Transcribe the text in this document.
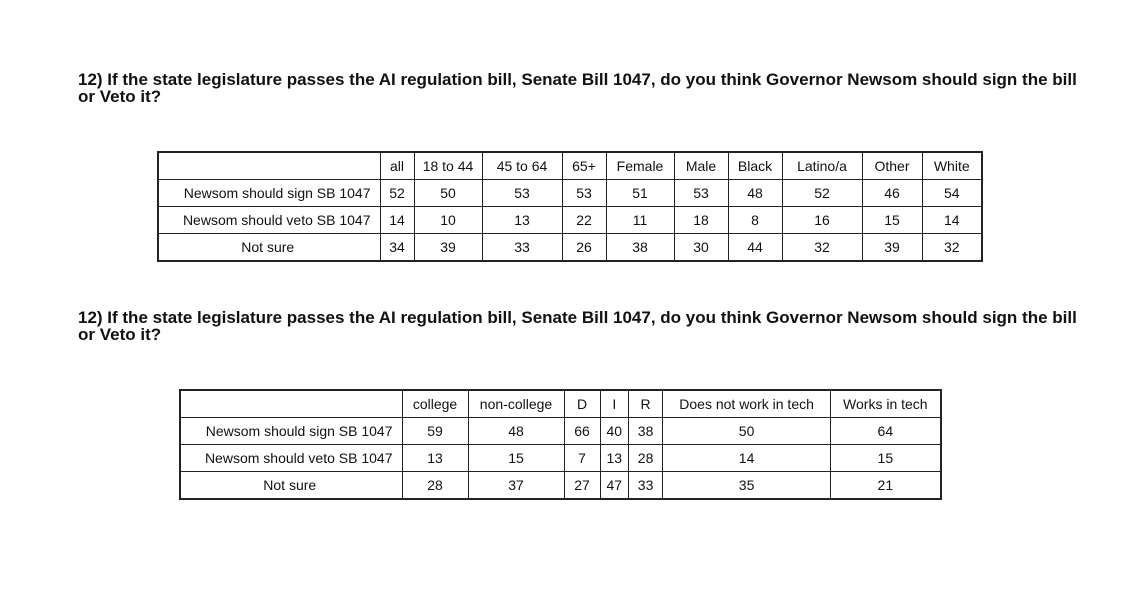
12) If the state legislature passes the AI regulation bill, Senate Bill 1047, do you think Governor Newsom should sign the bill or Veto it?

	all	18 to 44	45 to 64	65+	Female	Male	Black	Latino/a	Other	White
Newsom should sign SB 1047	52	50	53	53	51	53	48	52	46	54
Newsom should veto SB 1047	14	10	13	22	11	18	8	16	15	14
Not sure	34	39	33	26	38	30	44	32	39	32

12) If the state legislature passes the AI regulation bill, Senate Bill 1047, do you think Governor Newsom should sign the bill or Veto it?

	college	non-college	D	I	R	Does not work in tech	Works in tech
Newsom should sign SB 1047	59	48	66	40	38	50	64
Newsom should veto SB 1047	13	15	7	13	28	14	15
Not sure	28	37	27	47	33	35	21
